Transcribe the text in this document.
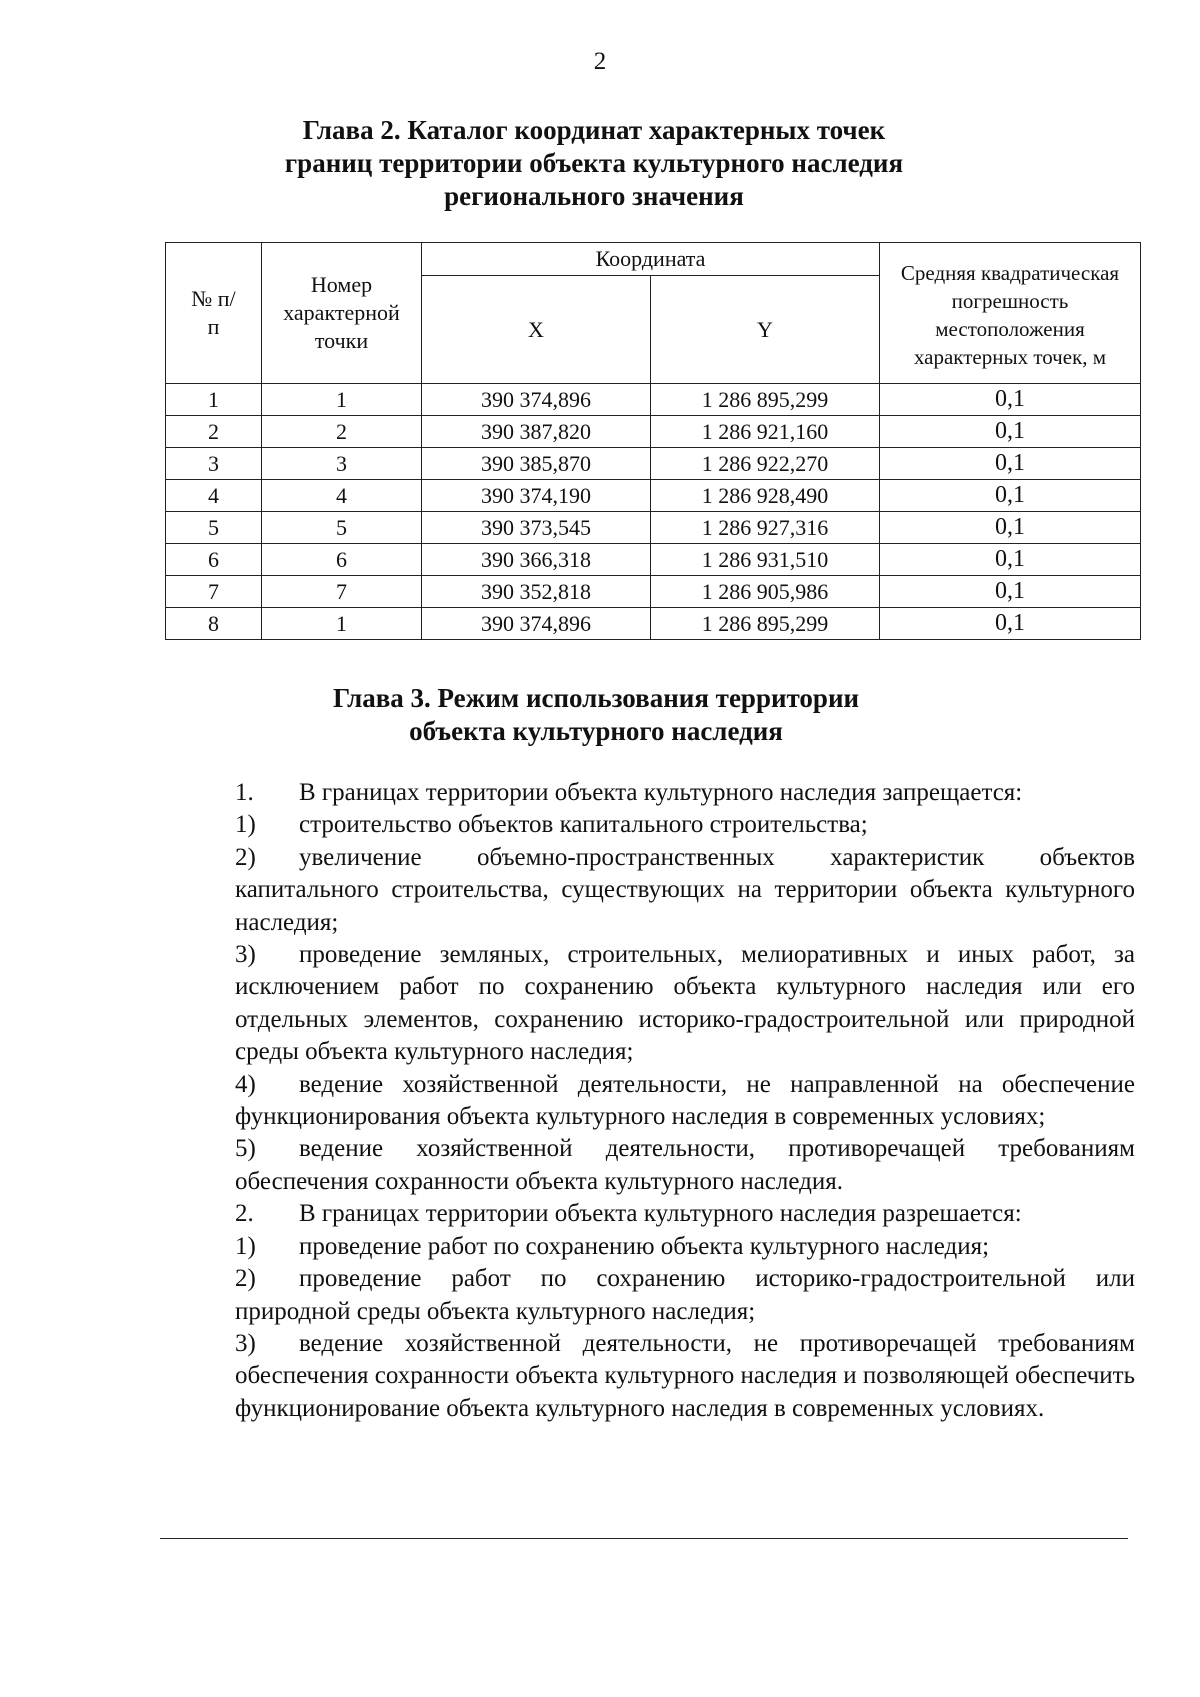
2
Глава 2. Каталог координат характерных точек
границ территории объекта культурного наследия
регионального значения
№ п/п	Номер характерной точки	Координата		Средняя квадратическая погрешность местоположения характерных точек, м
		X	Y	
1	1	390 374,896	1 286 895,299	0,1
2	2	390 387,820	1 286 921,160	0,1
3	3	390 385,870	1 286 922,270	0,1
4	4	390 374,190	1 286 928,490	0,1
5	5	390 373,545	1 286 927,316	0,1
6	6	390 366,318	1 286 931,510	0,1
7	7	390 352,818	1 286 905,986	0,1
8	1	390 374,896	1 286 895,299	0,1
Глава 3. Режим использования территории
объекта культурного наследия

1. В границах территории объекта культурного наследия запрещается:

1) строительство объектов капитального строительства;

2) увеличение объемно-пространственных характеристик объектов капитального строительства, существующих на территории объекта культурного наследия;

3) проведение земляных, строительных, мелиоративных и иных работ, за исключением работ по сохранению объекта культурного наследия или его отдельных элементов, сохранению историко-градостроительной или природной среды объекта культурного наследия;

4) ведение хозяйственной деятельности, не направленной на обеспечение функционирования объекта культурного наследия в современных условиях;

5) ведение хозяйственной деятельности, противоречащей требованиям обеспечения сохранности объекта культурного наследия.

2. В границах территории объекта культурного наследия разрешается:

1) проведение работ по сохранению объекта культурного наследия;

2) проведение работ по сохранению историко-градостроительной или природной среды объекта культурного наследия;

3) ведение хозяйственной деятельности, не противоречащей требованиям обеспечения сохранности объекта культурного наследия и позволяющей обеспечить функционирование объекта культурного наследия в современных условиях.
